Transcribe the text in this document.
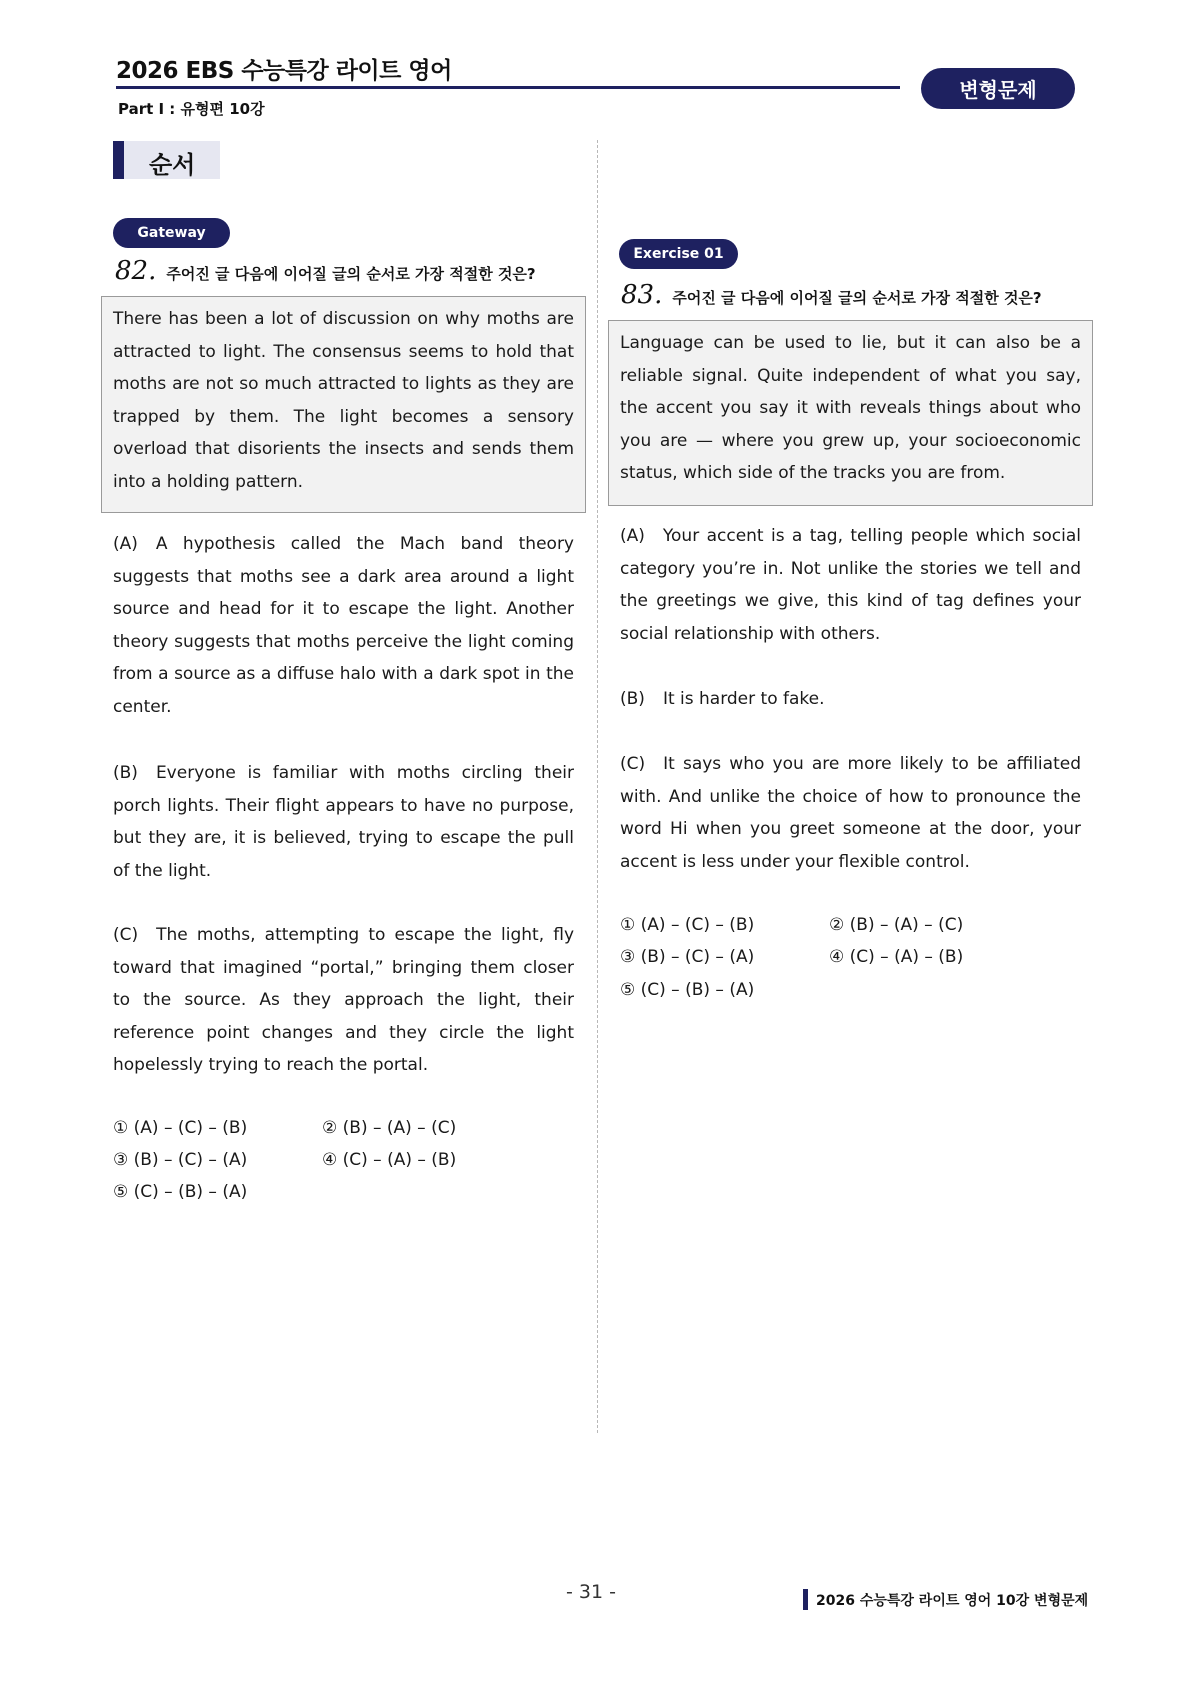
2026 EBS 수능특강 라이트 영어
Part Ⅰ : 유형편 10강
변형문제
순서
Gateway
82. 주어진 글 다음에 이어질 글의 순서로 가장 적절한 것은?
There has been a lot of discussion on why moths are attracted to light. The consensus seems to hold that moths are not so much attracted to lights as they are trapped by them. The light becomes a sensory overload that disorients the insects and sends them into a holding pattern.
(A) A hypothesis called the Mach band theory suggests that moths see a dark area around a light source and head for it to escape the light. Another theory suggests that moths perceive the light coming from a source as a diffuse halo with a dark spot in the center.
(B) Everyone is familiar with moths circling their porch lights. Their flight appears to have no purpose, but they are, it is believed, trying to escape the pull of the light.
(C) The moths, attempting to escape the light, fly toward that imagined “portal,” bringing them closer to the source. As they approach the light, their reference point changes and they circle the light hopelessly trying to reach the portal.
① (A) – (C) – (B)	② (B) – (A) – (C)
③ (B) – (C) – (A)	④ (C) – (A) – (B)
⑤ (C) – (B) – (A)
Exercise 01
83. 주어진 글 다음에 이어질 글의 순서로 가장 적절한 것은?
Language can be used to lie, but it can also be a reliable signal. Quite independent of what you say, the accent you say it with reveals things about who you are — where you grew up, your socioeconomic status, which side of the tracks you are from.
(A) Your accent is a tag, telling people which social category you’re in. Not unlike the stories we tell and the greetings we give, this kind of tag defines your social relationship with others.
(B) It is harder to fake.
(C) It says who you are more likely to be affiliated with. And unlike the choice of how to pronounce the word Hi when you greet someone at the door, your accent is less under your flexible control.
① (A) – (C) – (B)	② (B) – (A) – (C)
③ (B) – (C) – (A)	④ (C) – (A) – (B)
⑤ (C) – (B) – (A)
- 31 -	2026 수능특강 라이트 영어 10강 변형문제
